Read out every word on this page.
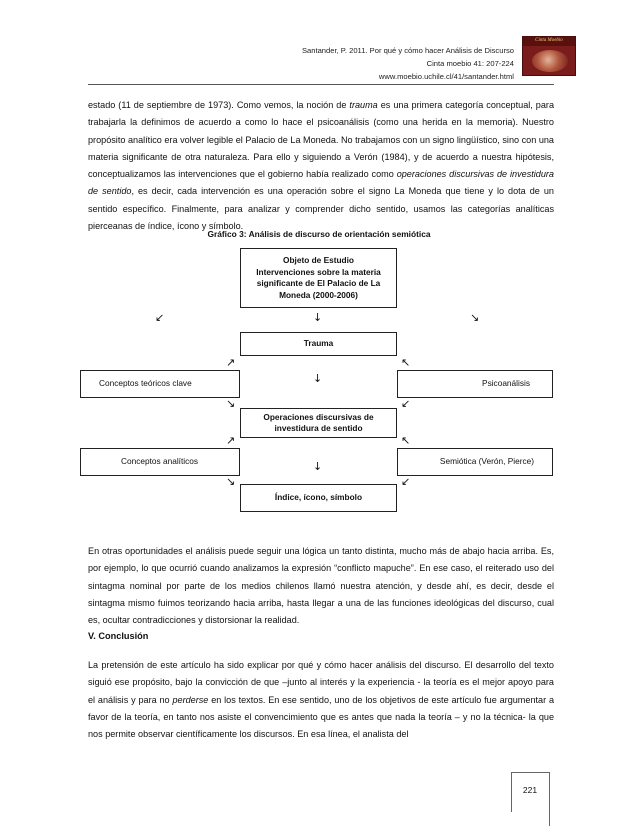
Santander, P. 2011. Por qué y cómo hacer Análisis de Discurso
Cinta moebio 41: 207-224
www.moebio.uchile.cl/41/santander.html
Cinta Moebio

estado (11 de septiembre de 1973). Como vemos, la noción de trauma es una primera categoría conceptual, para trabajarla la definimos de acuerdo a como lo hace el psicoanálisis (como una herida en la memoria). Nuestro propósito analítico era volver legible el Palacio de La Moneda. No trabajamos con un signo lingüístico, sino con una materia significante de otra naturaleza. Para ello y siguiendo a Verón (1984), y de acuerdo a nuestra hipótesis, conceptualizamos las intervenciones que el gobierno había realizado como operaciones discursivas de investidura de sentido, es decir, cada intervención es una operación sobre el signo La Moneda que tiene y lo dota de un sentido específico. Finalmente, para analizar y comprender dicho sentido, usamos las categorías analíticas pierceanas de índice, ícono y símbolo.

Gráfico 3: Análisis de discurso de orientación semiótica
Objeto de Estudio
Intervenciones sobre la materia significante de El Palacio de La Moneda (2000-2006)
↙	↓	↘
Trauma
↗	↖
↓
Conceptos teóricos clave	Psicoanálisis
↘	↙
Operaciones discursivas de investidura de sentido
↗	↖
↓
Conceptos analíticos	Semiótica (Verón, Pierce)
↘	↙
Índice, ícono, símbolo

En otras oportunidades el análisis puede seguir una lógica un tanto distinta, mucho más de abajo hacia arriba. Es, por ejemplo, lo que ocurrió cuando analizamos la expresión “conflicto mapuche”. En ese caso, el reiterado uso del sintagma nominal por parte de los medios chilenos llamó nuestra atención, y desde ahí, es decir, desde el sintagma mismo fuimos teorizando hacia arriba, hasta llegar a una de las funciones ideológicas del discurso, cual es, ocultar contradicciones y distorsionar la realidad.

V. Conclusión

La pretensión de este artículo ha sido explicar por qué y cómo hacer análisis del discurso. El desarrollo del texto siguió ese propósito, bajo la convicción de que –junto al interés y la experiencia - la teoría es el mejor apoyo para el análisis y para no perderse en los textos. En ese sentido, uno de los objetivos de este artículo fue argumentar a favor de la teoría, en tanto nos asiste el convencimiento que es antes que nada la teoría – y no la técnica- la que nos permite observar científicamente los discursos. En esa línea, el analista del

221
